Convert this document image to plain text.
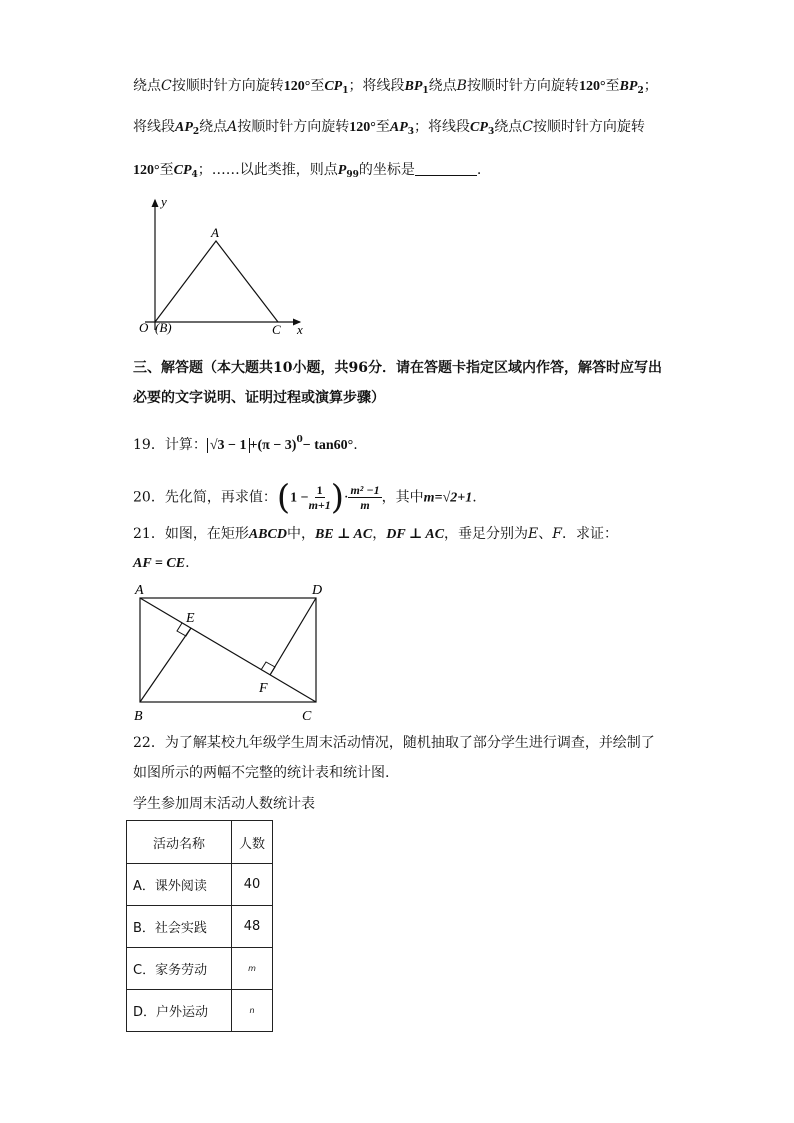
绕点C按顺时针方向旋转120°至$CP_1$；将线段$BP_1$绕点B按顺时针方向旋转120°至$BP_2$；
将线段$AP_2$绕点A按顺时针方向旋转120°至$AP_3$；将线段$CP_3$绕点C按顺时针方向旋转
120°至$CP_4$；……以此类推，则点$P_{99}$的坐标是	.
y
A
O (B)	C x
三、解答题（本大题共10小题，共96分．请在答题卡指定区域内作答，解答时应写出
必要的文字说明、证明过程或演算步骤）
19．计算： $√3 - 1 +(\pi - 3)^0- \tan 60^\circ$.
20．先化简，再求值：($1 - \frac{1}{m+1}$ )· $\frac{\text{m² −1}}{m}$ ，其中m=√2+1.
21．如图，在矩形ABCD中，BE ⊥ AC，DF ⊥ AC，垂足分别为E、F．求证：
AF = CE.
A	D
E
F
B	C
22．为了解某校九年级学生周末活动情况，随机抽取了部分学生进行调查，并绘制了
如图所示的两幅不完整的统计表和统计图.
学生参加周末活动人数统计表
活动名称	人数
A．课外阅读	40
B．社会实践	48
C．家务劳动	m
D．户外运动	n
